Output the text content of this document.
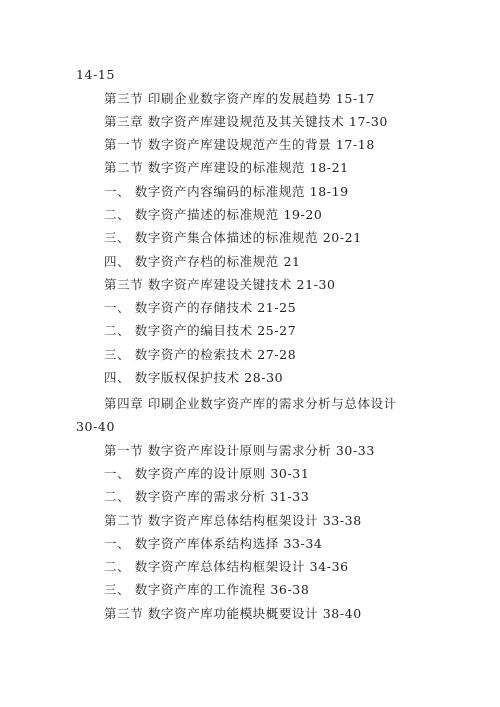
14-15
第三节 印刷企业数字资产库的发展趋势 15-17
第三章 数字资产库建设规范及其关键技术 17-30
第一节 数字资产库建设规范产生的背景 17-18
第二节 数字资产库建设的标准规范 18-21
一、 数字资产内容编码的标准规范 18-19
二、 数字资产描述的标准规范 19-20
三、 数字资产集合体描述的标准规范 20-21
四、 数字资产存档的标准规范 21
第三节 数字资产库建设关键技术 21-30
一、 数字资产的存储技术 21-25
二、 数字资产的编目技术 25-27
三、 数字资产的检索技术 27-28
四、 数字版权保护技术 28-30
第四章 印刷企业数字资产库的需求分析与总体设计
30-40
第一节 数字资产库设计原则与需求分析 30-33
一、 数字资产库的设计原则 30-31
二、 数字资产库的需求分析 31-33
第二节 数字资产库总体结构框架设计 33-38
一、 数字资产库体系结构选择 33-34
二、 数字资产库总体结构框架设计 34-36
三、 数字资产库的工作流程 36-38
第三节 数字资产库功能模块概要设计 38-40
